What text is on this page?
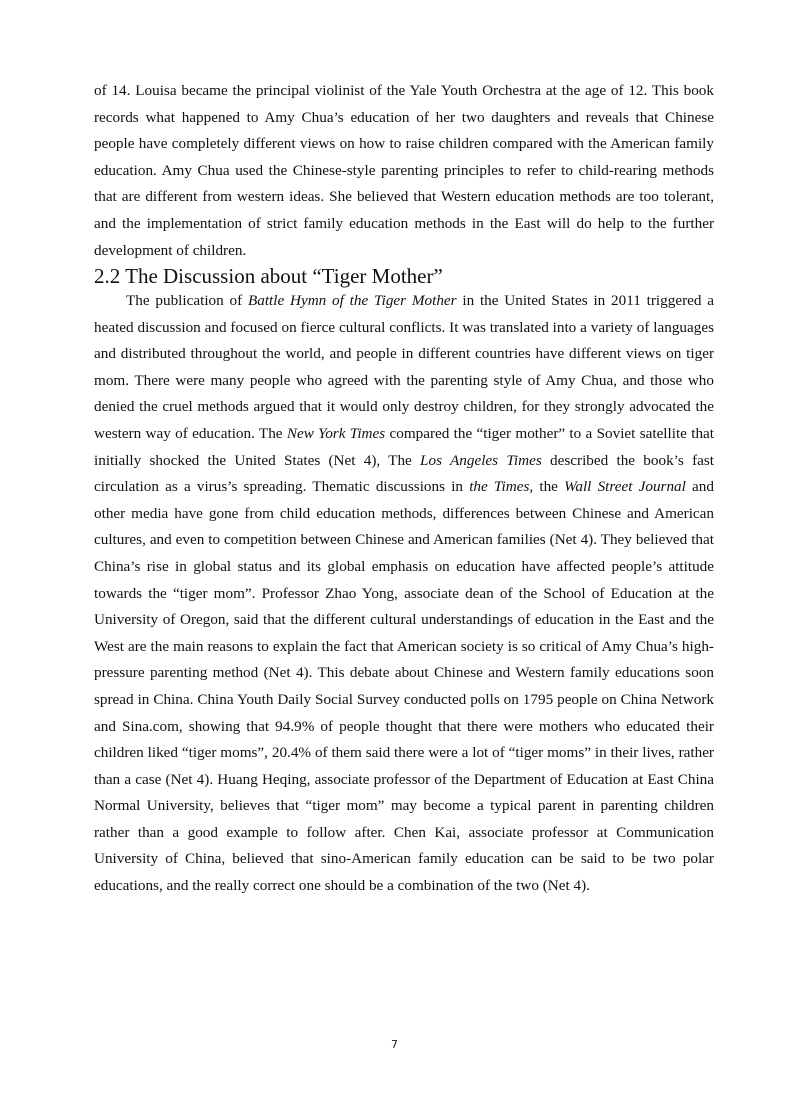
of 14. Louisa became the principal violinist of the Yale Youth Orchestra at the age of 12. This book records what happened to Amy Chua’s education of her two daughters and reveals that Chinese people have completely different views on how to raise children compared with the American family education. Amy Chua used the Chinese-style parenting principles to refer to child-rearing methods that are different from western ideas. She believed that Western education methods are too tolerant, and the implementation of strict family education methods in the East will do help to the further development of children.

2.2 The Discussion about “Tiger Mother”

The publication of Battle Hymn of the Tiger Mother in the United States in 2011 triggered a heated discussion and focused on fierce cultural conflicts. It was translated into a variety of languages and distributed throughout the world, and people in different countries have different views on tiger mom. There were many people who agreed with the parenting style of Amy Chua, and those who denied the cruel methods argued that it would only destroy children, for they strongly advocated the western way of education. The New York Times compared the “tiger mother” to a Soviet satellite that initially shocked the United States (Net 4), The Los Angeles Times described the book’s fast circulation as a virus’s spreading. Thematic discussions in the Times, the Wall Street Journal and other media have gone from child education methods, differences between Chinese and American cultures, and even to competition between Chinese and American families (Net 4). They believed that China’s rise in global status and its global emphasis on education have affected people’s attitude towards the “tiger mom”. Professor Zhao Yong, associate dean of the School of Education at the University of Oregon, said that the different cultural understandings of education in the East and the West are the main reasons to explain the fact that American society is so critical of Amy Chua’s high-pressure parenting method (Net 4). This debate about Chinese and Western family educations soon spread in China. China Youth Daily Social Survey conducted polls on 1795 people on China Network and Sina.com, showing that 94.9% of people thought that there were mothers who educated their children liked “tiger moms”, 20.4% of them said there were a lot of “tiger moms” in their lives, rather than a case (Net 4). Huang Heqing, associate professor of the Department of Education at East China Normal University, believes that “tiger mom” may become a typical parent in parenting children rather than a good example to follow after. Chen Kai, associate professor at Communication University of China, believed that sino-American family education can be said to be two polar educations, and the really correct one should be a combination of the two (Net 4).

7
